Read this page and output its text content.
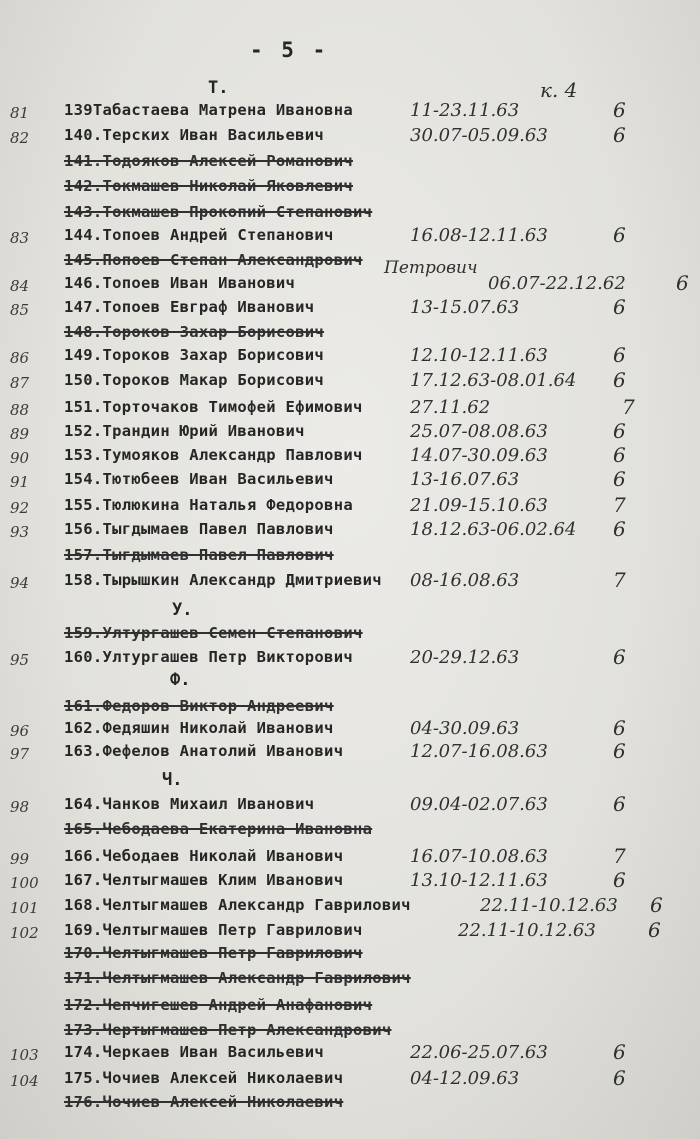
- 5 -
Т.
У.
Ф.
Ч.
к. 4
Петрович
81 139Табастаева Матрена Ивановна	11-23.11.63	6
82 140.Терских Иван Васильевич	30.07-05.09.63	6
141.Тодояков Алексей Романович
142.Токмашев Николай Яковлевич
143.Токмашев Прокопий Степанович
83 144.Топоев Андрей Степанович	16.08-12.11.63	6
145.Попоев Степан Александрович
84 146.Топоев Иван Иванович	06.07-22.12.62	6
85 147.Топоев Евграф Иванович	13-15.07.63	6
148.Тороков Захар Борисович
86 149.Тороков Захар Борисович	12.10-12.11.63	6
87 150.Тороков Макар Борисович	17.12.63-08.01.64 6
88 151.Торточаков Тимофей Ефимович	27.11.62	7
89 152.Трандин Юрий Иванович	25.07-08.08.63	6
90 153.Тумояков Александр Павлович	14.07-30.09.63	6
91 154.Тютюбеев Иван Васильевич	13-16.07.63	6
92 155.Тюлюкина Наталья Федоровна	21.09-15.10.63	7
93 156.Тыгдымаев Павел Павлович	18.12.63-06.02.64 6
157.Тыгдымаев Павел Павлович
94 158.Тырышкин Александр Дмитриевич 08-16.08.63	7
159.Ултургашев Семен Степанович
95 160.Ултургашев Петр Викторович	20-29.12.63	6
161.Федоров Виктор Андреевич
96 162.Федяшин Николай Иванович	04-30.09.63	6
97 163.Фефелов Анатолий Иванович	12.07-16.08.63	6
98 164.Чанков Михаил Иванович	09.04-02.07.63	6
165.Чебодаева Екатерина Ивановна
99 166.Чебодаев Николай Иванович	16.07-10.08.63	7
100 167.Челтыгмашев Клим Иванович	13.10-12.11.63	6
101 168.Челтыгмашев Александр Гаврилович	22.11-10.12.63 6
102 169.Челтыгмашев Петр Гаврилович	22.11-10.12.63	6
170.Челтыгмашев Петр Гаврилович
171.Челтыгмашев Александр Гаврилович
172.Чепчигешев Андрей Анафанович
173.Чертыгмашев Петр Александрович
103 174.Черкаев Иван Васильевич	22.06-25.07.63	6
104 175.Чочиев Алексей Николаевич	04-12.09.63	6
176.Чочиев Алексей Николаевич
